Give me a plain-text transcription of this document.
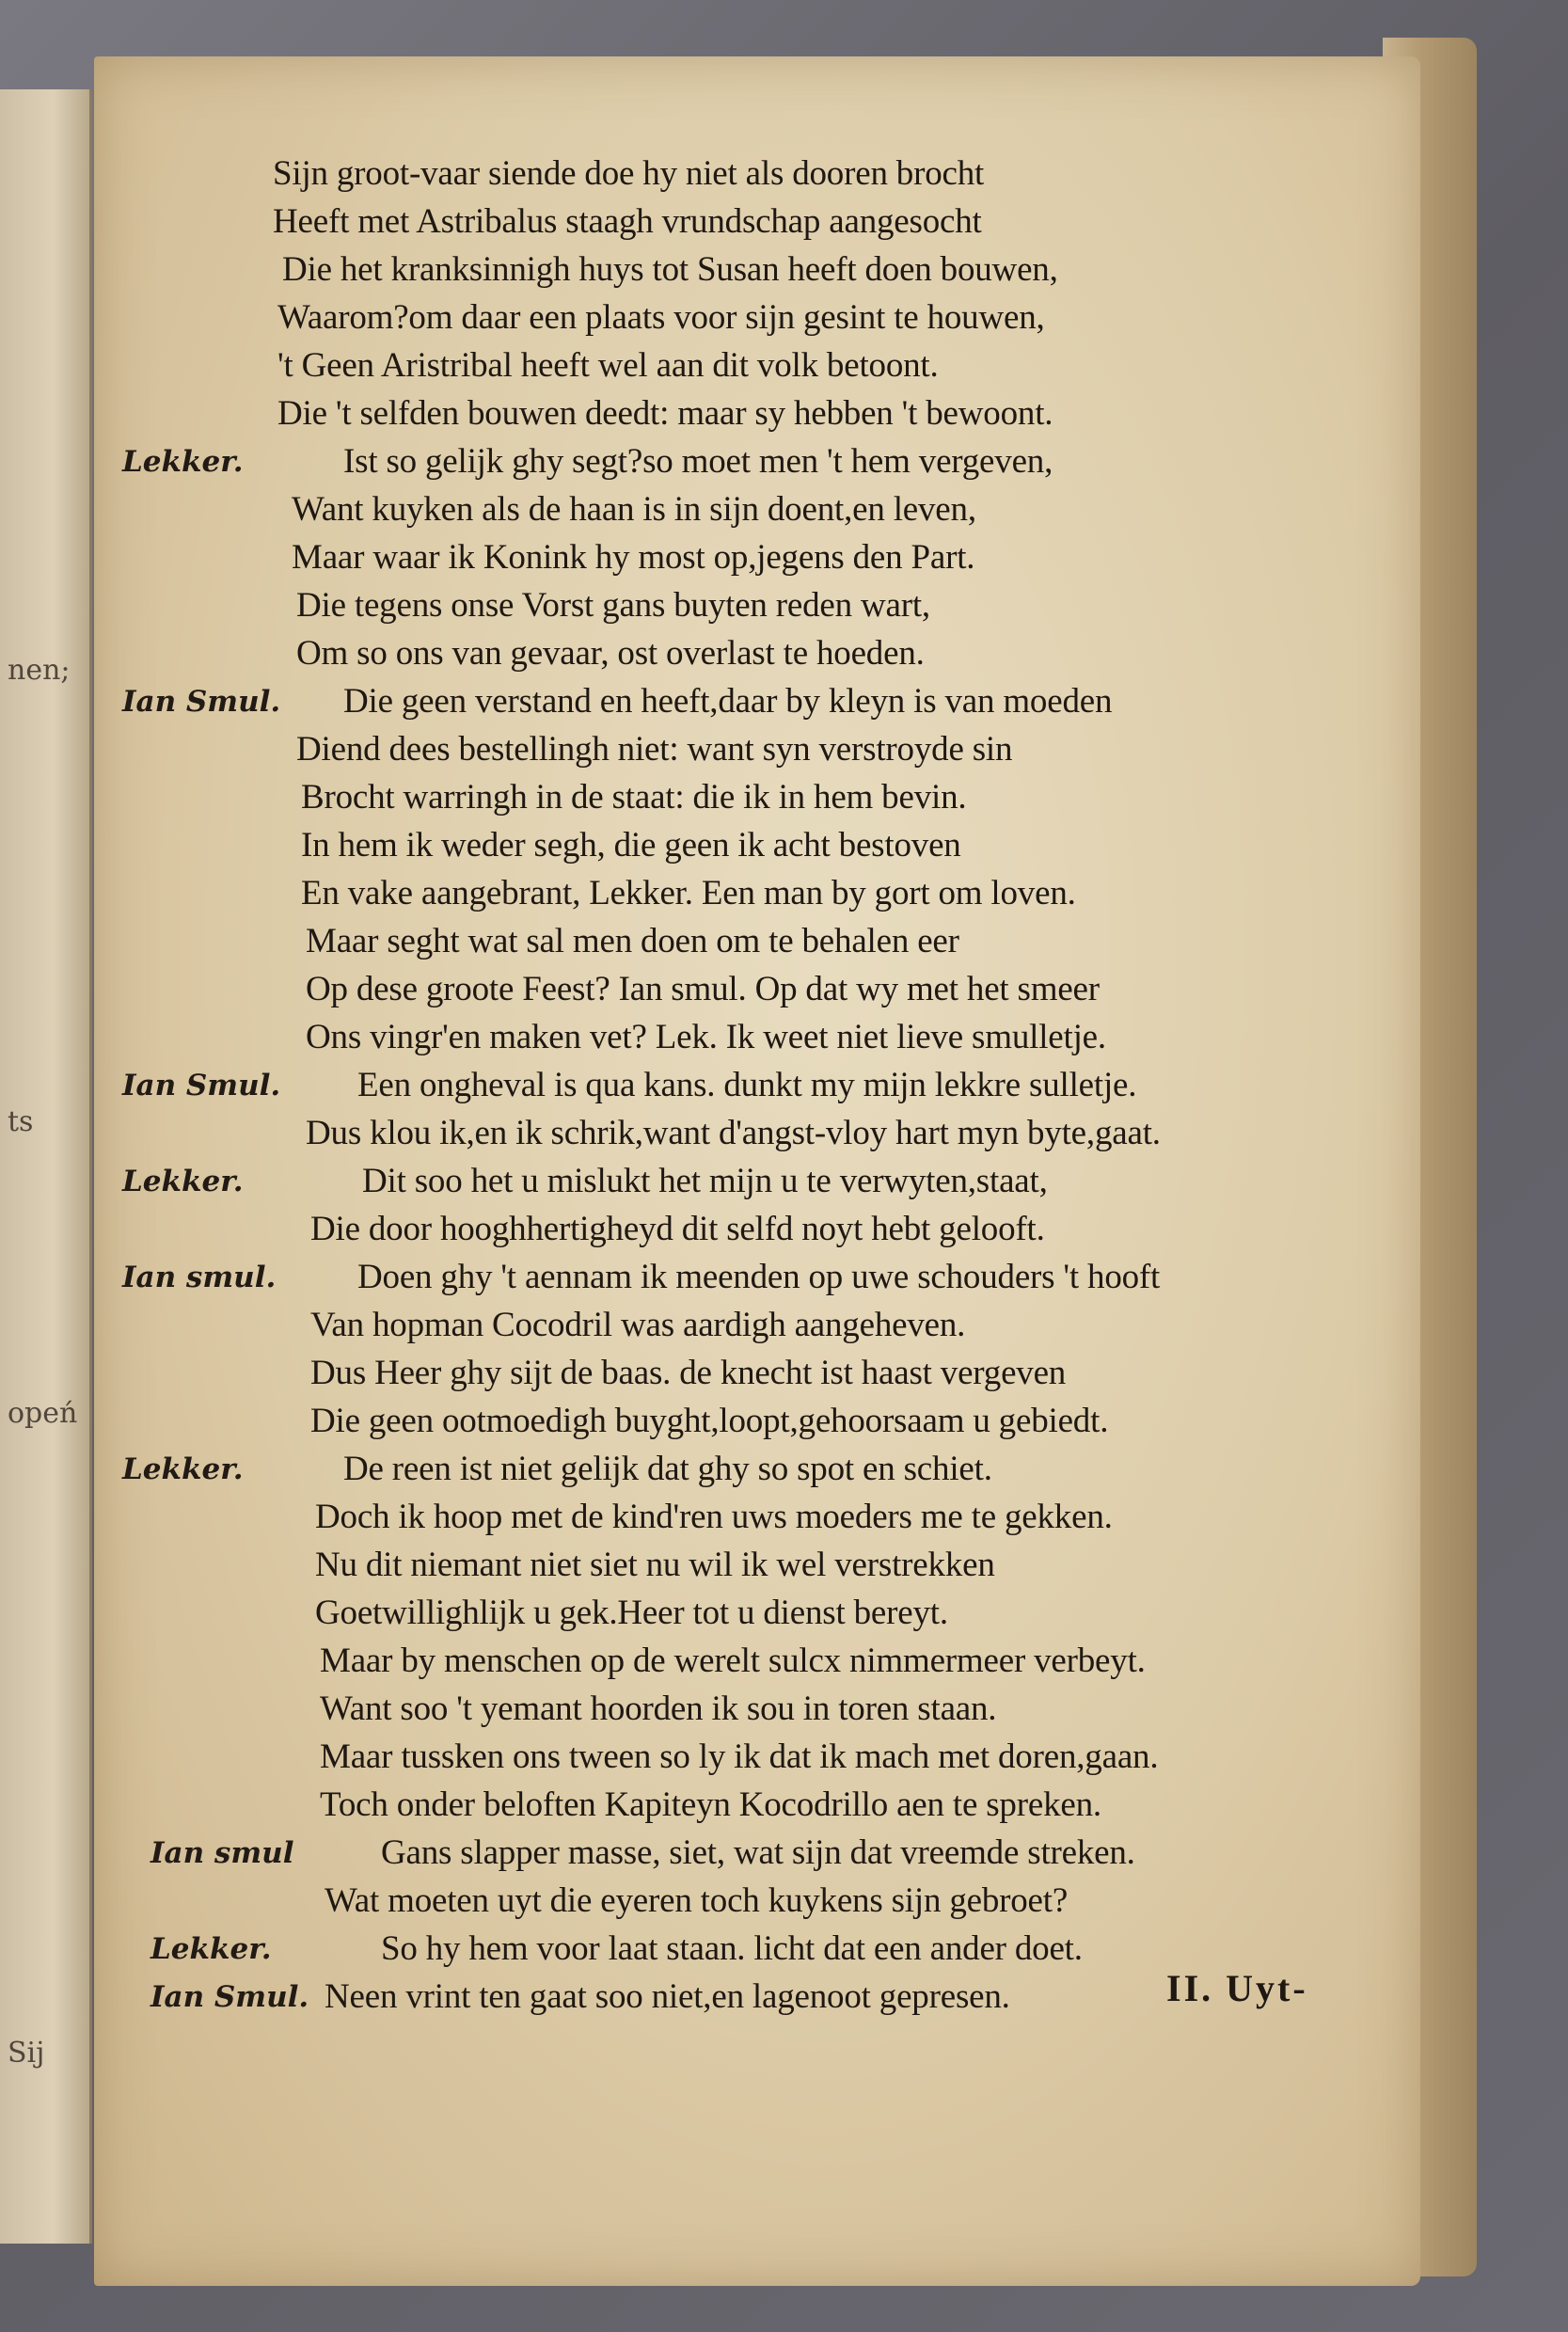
nen;
ts
opeń
Sij
Sijn groot-vaar siende doe hy niet als dooren brocht
Heeft met Astribalus staagh vrundschap aangesocht
Die het kranksinnigh huys tot Susan heeft doen bouwen,
Waarom?om daar een plaats voor sijn gesint te houwen,
't Geen Aristribal heeft wel aan dit volk betoont.
Die 't selfden bouwen deedt: maar sy hebben 't bewoont.
Lekker.	Ist so gelijk ghy segt?so moet men 't hem vergeven,
Want kuyken als de haan is in sijn doent,en leven,
Maar waar ik Konink hy most op,jegens den Part.
Die tegens onse Vorst gans buyten reden wart,
Om so ons van gevaar, ost overlast te hoeden.
Ian Smul.	Die geen verstand en heeft,daar by kleyn is van moeden
Diend dees bestellingh niet: want syn verstroyde sin
Brocht warringh in de staat: die ik in hem bevin.
In hem ik weder segh, die geen ik acht bestoven
En vake aangebrant, Lekker. Een man by gort om loven.
Maar seght wat sal men doen om te behalen eer
Op dese groote Feest? Ian smul. Op dat wy met het smeer
Ons vingr'en maken vet? Lek. Ik weet niet lieve smulletje.
Ian Smul.	Een ongheval is qua kans. dunkt my mijn lekkre sulletje.
Dus klou ik,en ik schrik,want d'angst-vloy hart myn byte,gaat.
Lekker.	Dit soo het u mislukt het mijn u te verwyten,staat,
Die door hooghhertigheyd dit selfd noyt hebt gelooft.
Ian smul.	Doen ghy 't aennam ik meenden op uwe schouders 't hooft
Van hopman Cocodril was aardigh aangeheven.
Dus Heer ghy sijt de baas. de knecht ist haast vergeven
Die geen ootmoedigh buyght,loopt,gehoorsaam u gebiedt.
Lekker.	De reen ist niet gelijk dat ghy so spot en schiet.
Doch ik hoop met de kind'ren uws moeders me te gekken.
Nu dit niemant niet siet nu wil ik wel verstrekken
Goetwillighlijk u gek.Heer tot u dienst bereyt.
Maar by menschen op de werelt sulcx nimmermeer verbeyt.
Want soo 't yemant hoorden ik sou in toren staan.
Maar tussken ons tween so ly ik dat ik mach met doren,gaan.
Toch onder beloften Kapiteyn Kocodrillo aen te spreken.
Ian smul	Gans slapper masse, siet, wat sijn dat vreemde streken.
Wat moeten uyt die eyeren toch kuykens sijn gebroet?
Lekker.	So hy hem voor laat staan. licht dat een ander doet.
Ian Smul. Neen vrint ten gaat soo niet,en lagenoot gepresen.	II. Uyt-
